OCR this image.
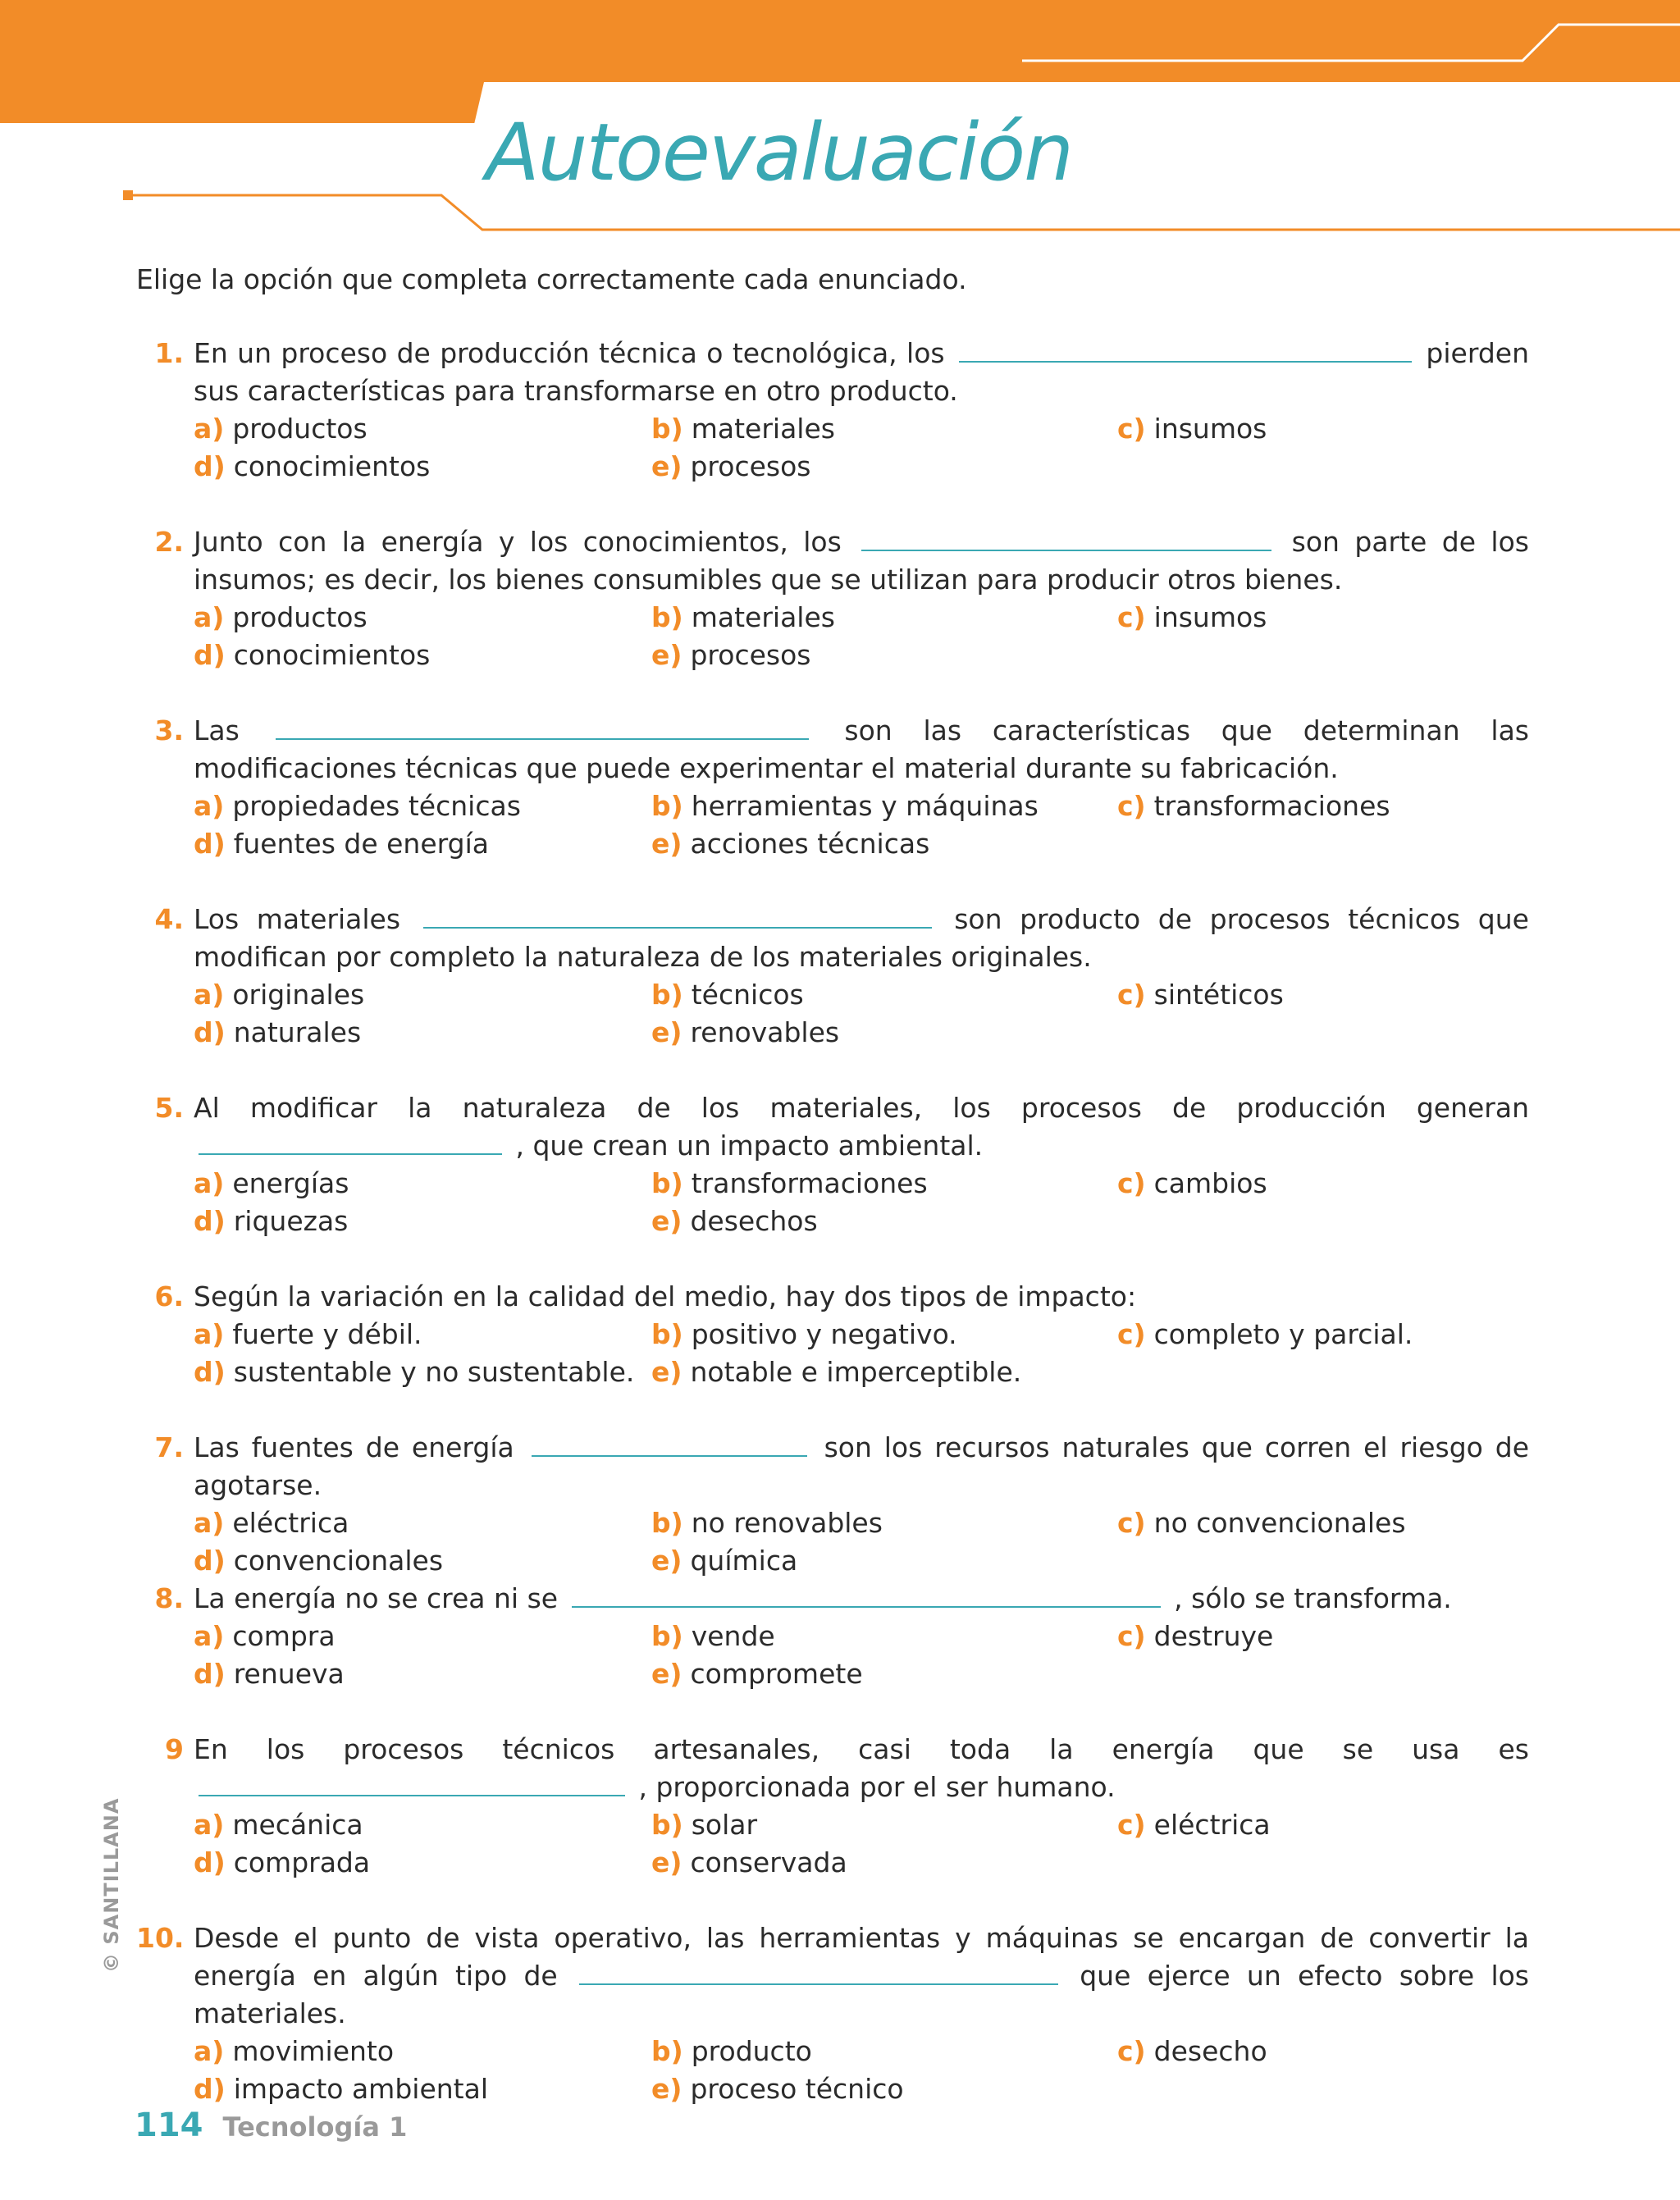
Autoevaluación
Elige la opción que completa correctamente cada enunciado.
1. En un proceso de producción técnica o tecnológica, los	pierden sus características para transformarse en otro producto.
a) productos	b) materiales	c) insumos
d) conocimientos	e) procesos
2. Junto con la energía y los conocimientos, los	son parte de los insumos; es decir, los bienes consumibles que se utilizan para producir otros bienes.
a) productos	b) materiales	c) insumos
d) conocimientos	e) procesos
3. Las	son las características que determinan las modificaciones técnicas que puede experimentar el material durante su fabricación.
a) propiedades técnicas	b) herramientas y máquinas	c) transformaciones
d) fuentes de energía	e) acciones técnicas
4. Los materiales	son producto de procesos técnicos que modifican por completo la naturaleza de los materiales originales.
a) originales	b) técnicos	c) sintéticos
d) naturales	e) renovables
5. Al modificar la naturaleza de los materiales, los procesos de producción generan  , que crean un impacto ambiental.
a) energías	b) transformaciones	c) cambios
d) riquezas	e) desechos
6. Según la variación en la calidad del medio, hay dos tipos de impacto:
a) fuerte y débil.	b) positivo y negativo.	c) completo y parcial.
d) sustentable y no sustentable. e) notable e imperceptible.
7. Las fuentes de energía	son los recursos naturales que corren el riesgo de agotarse.
a) eléctrica	b) no renovables	c) no convencionales
d) convencionales	e) química
8. La energía no se crea ni se	, sólo se transforma.
a) compra	b) vende	c) destruye
d) renueva	e) compromete
9 En los procesos técnicos artesanales, casi toda la energía que se usa es  , proporcionada por el ser humano.
a) mecánica	b) solar	c) eléctrica
d) comprada	e) conservada
10. Desde el punto de vista operativo, las herramientas y máquinas se encargan de convertir la energía en algún tipo de	que ejerce un efecto sobre los materiales.
a) movimiento	b) producto	c) desecho
d) impacto ambiental	e) proceso técnico
© SANTILLANA
114 Tecnología 1
